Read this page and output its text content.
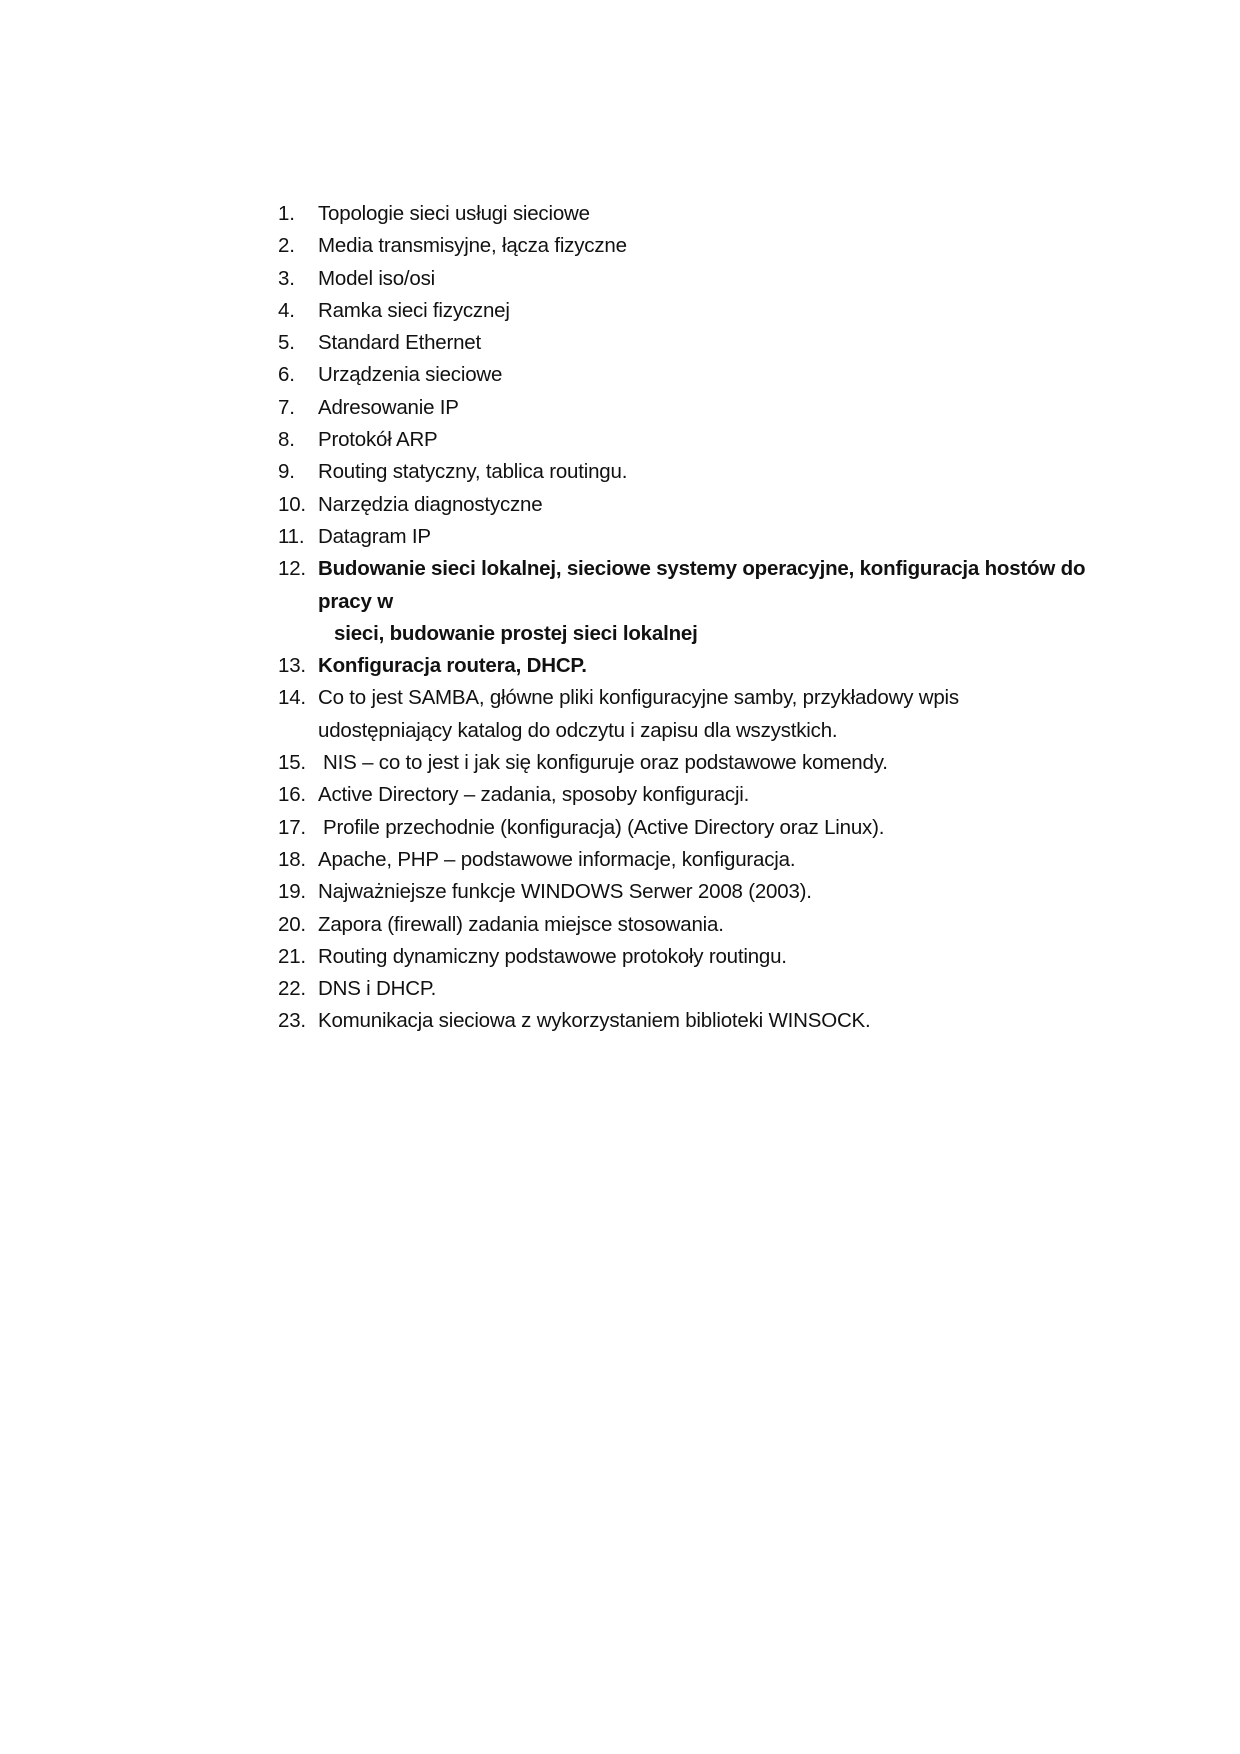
1.	Topologie sieci usługi sieciowe
2.	Media transmisyjne, łącza fizyczne
3.	Model iso/osi
4.	Ramka sieci fizycznej
5.	Standard Ethernet
6.	Urządzenia sieciowe
7.	Adresowanie IP
8.	Protokół ARP
9.	Routing statyczny, tablica routingu.
10. Narzędzia diagnostyczne
11. Datagram IP
12. Budowanie sieci lokalnej, sieciowe systemy operacyjne, konfiguracja hostów do
pracy w
sieci, budowanie prostej sieci lokalnej
13. Konfiguracja routera, DHCP.
14. Co to jest SAMBA, główne pliki konfiguracyjne samby, przykładowy wpis
udostępniający katalog do odczytu i zapisu dla wszystkich.
15. NIS – co to jest i jak się konfiguruje oraz podstawowe komendy.
16. Active Directory – zadania, sposoby konfiguracji.
17. Profile przechodnie (konfiguracja) (Active Directory oraz Linux).
18. Apache, PHP – podstawowe informacje, konfiguracja.
19. Najważniejsze funkcje WINDOWS Serwer 2008 (2003).
20. Zapora (firewall) zadania miejsce stosowania.
21. Routing dynamiczny podstawowe protokoły routingu.
22. DNS i DHCP.
23. Komunikacja sieciowa z wykorzystaniem biblioteki WINSOCK.
